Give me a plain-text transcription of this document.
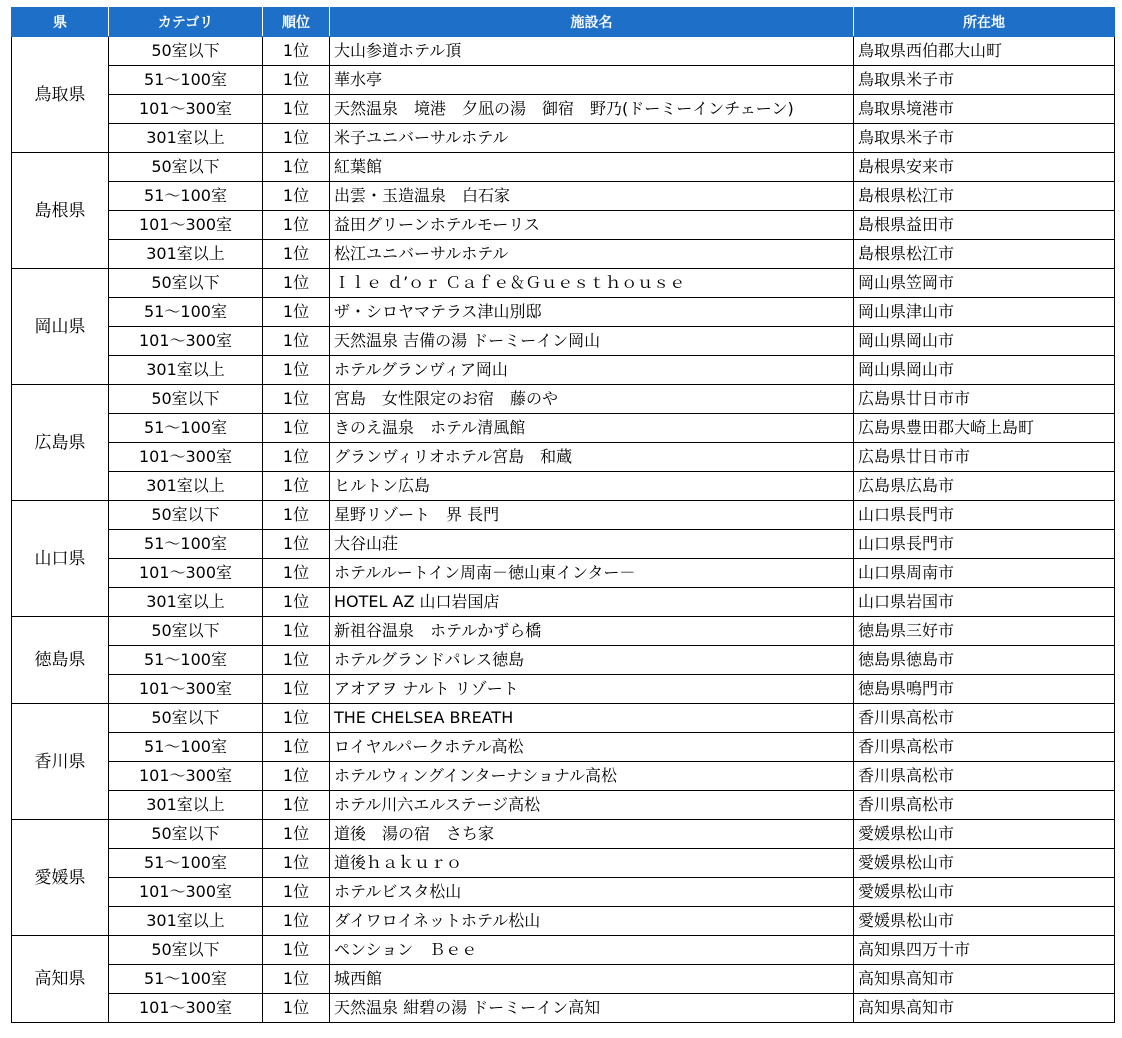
県	カテゴリ	順位	施設名	所在地
鳥取県	50室以下	1位	大山参道ホテル頂	鳥取県西伯郡大山町
	51～100室	1位	華水亭	鳥取県米子市
	101～300室	1位	天然温泉　境港　夕凪の湯　御宿　野乃(ドーミーインチェーン)	鳥取県境港市
	301室以上	1位	米子ユニバーサルホテル	鳥取県米子市
島根県	50室以下	1位	紅葉館	島根県安来市
	51～100室	1位	出雲・玉造温泉　白石家	島根県松江市
	101～300室	1位	益田グリーンホテルモーリス	島根県益田市
	301室以上	1位	松江ユニバーサルホテル	島根県松江市
岡山県	50室以下	1位	Ｉｌｅ ｄ’ｏｒ Ｃａｆｅ＆Ｇｕｅｓｔｈｏｕｓｅ	岡山県笠岡市
	51～100室	1位	ザ・シロヤマテラス津山別邸	岡山県津山市
	101～300室	1位	天然温泉 吉備の湯 ドーミーイン岡山	岡山県岡山市
	301室以上	1位	ホテルグランヴィア岡山	岡山県岡山市
広島県	50室以下	1位	宮島　女性限定のお宿　藤のや	広島県廿日市市
	51～100室	1位	きのえ温泉　ホテル清風館	広島県豊田郡大崎上島町
	101～300室	1位	グランヴィリオホテル宮島　和蔵	広島県廿日市市
	301室以上	1位	ヒルトン広島	広島県広島市
山口県	50室以下	1位	星野リゾート　界 長門	山口県長門市
	51～100室	1位	大谷山荘	山口県長門市
	101～300室	1位	ホテルルートイン周南－徳山東インター－	山口県周南市
	301室以上	1位	HOTEL AZ 山口岩国店	山口県岩国市
徳島県	50室以下	1位	新祖谷温泉　ホテルかずら橋	徳島県三好市
	51～100室	1位	ホテルグランドパレス徳島	徳島県徳島市
	101～300室	1位	アオアヲ ナルト リゾート	徳島県鳴門市
香川県	50室以下	1位	THE CHELSEA BREATH	香川県高松市
	51～100室	1位	ロイヤルパークホテル高松	香川県高松市
	101～300室	1位	ホテルウィングインターナショナル高松	香川県高松市
	301室以上	1位	ホテル川六エルステージ高松	香川県高松市
愛媛県	50室以下	1位	道後　湯の宿　さち家	愛媛県松山市
	51～100室	1位	道後ｈａｋｕｒｏ	愛媛県松山市
	101～300室	1位	ホテルビスタ松山	愛媛県松山市
	301室以上	1位	ダイワロイネットホテル松山	愛媛県松山市
高知県	50室以下	1位	ペンション　Ｂｅｅ	高知県四万十市
	51～100室	1位	城西館	高知県高知市
	101～300室	1位	天然温泉 紺碧の湯 ドーミーイン高知	高知県高知市
